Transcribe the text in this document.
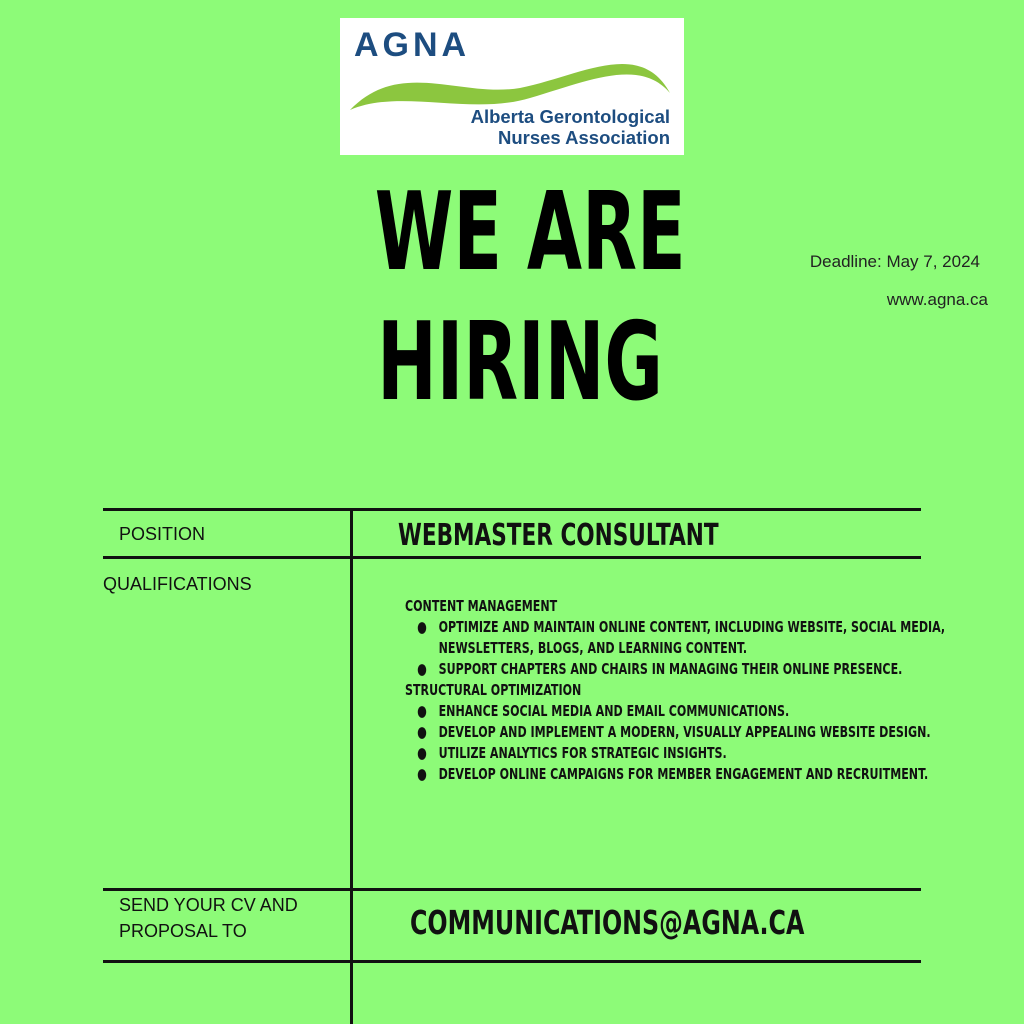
AGNA
Alberta Gerontological
Nurses Association
WE ARE
HIRING
Deadline: May 7, 2024
www.agna.ca
POSITION	WEBMASTER CONSULTANT
QUALIFICATIONS
CONTENT MANAGEMENT
● OPTIMIZE AND MAINTAIN ONLINE CONTENT, INCLUDING WEBSITE, SOCIAL MEDIA, NEWSLETTERS, BLOGS, AND LEARNING CONTENT.
● SUPPORT CHAPTERS AND CHAIRS IN MANAGING THEIR ONLINE PRESENCE.
STRUCTURAL OPTIMIZATION
● ENHANCE SOCIAL MEDIA AND EMAIL COMMUNICATIONS.
● DEVELOP AND IMPLEMENT A MODERN, VISUALLY APPEALING WEBSITE DESIGN.
● UTILIZE ANALYTICS FOR STRATEGIC INSIGHTS.
● DEVELOP ONLINE CAMPAIGNS FOR MEMBER ENGAGEMENT AND RECRUITMENT.
SEND YOUR CV AND
PROPOSAL TO	COMMUNICATIONS@AGNA.CA
